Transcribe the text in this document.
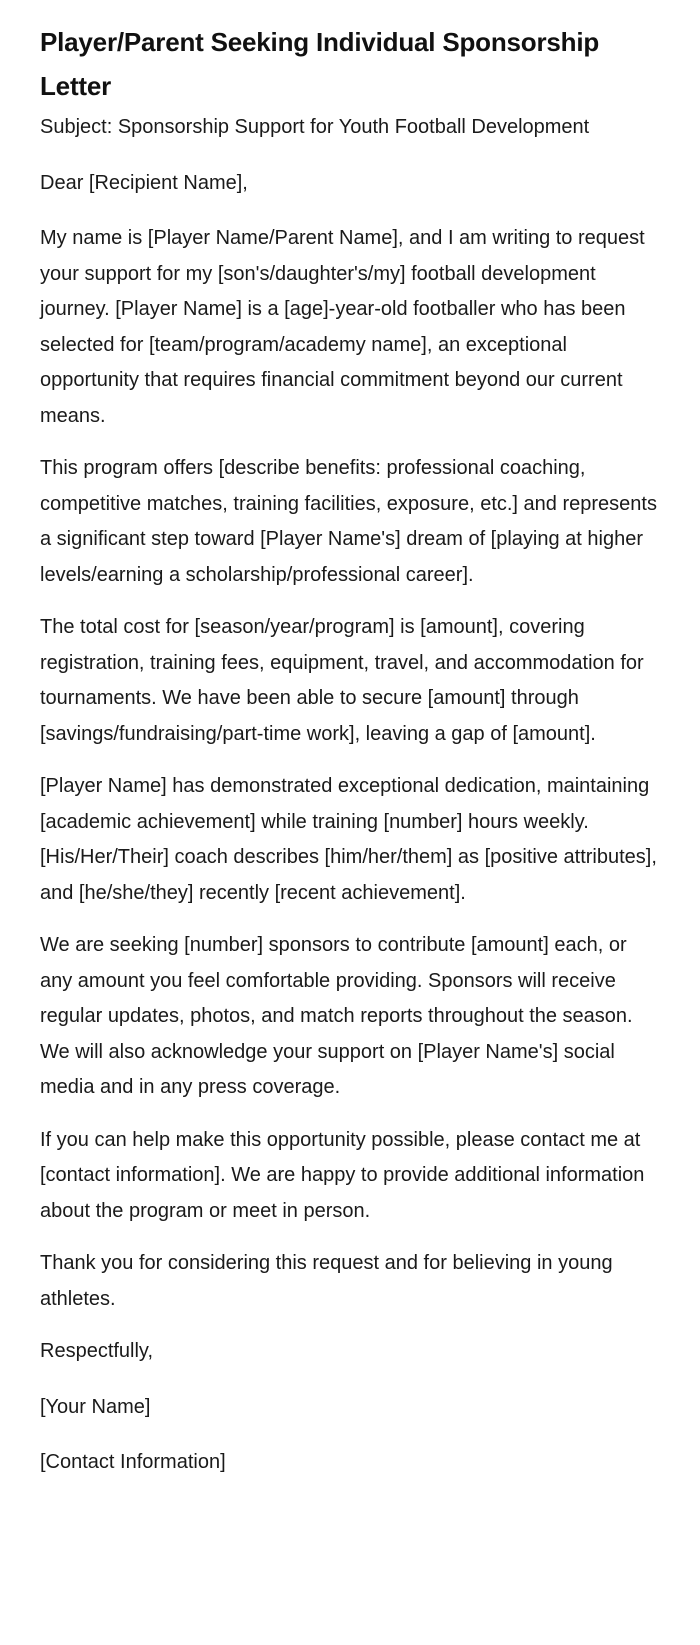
Player/Parent Seeking Individual Sponsorship Letter

Subject: Sponsorship Support for Youth Football Development

Dear [Recipient Name],

My name is [Player Name/Parent Name], and I am writing to request your support for my [son's/daughter's/my] football development journey. [Player Name] is a [age]-year-old footballer who has been selected for [team/program/academy name], an exceptional opportunity that requires financial commitment beyond our current means.

This program offers [describe benefits: professional coaching, competitive matches, training facilities, exposure, etc.] and represents a significant step toward [Player Name's] dream of [playing at higher levels/earning a scholarship/professional career].

The total cost for [season/year/program] is [amount], covering registration, training fees, equipment, travel, and accommodation for tournaments. We have been able to secure [amount] through [savings/fundraising/part-time work], leaving a gap of [amount].

[Player Name] has demonstrated exceptional dedication, maintaining [academic achievement] while training [number] hours weekly. [His/Her/Their] coach describes [him/her/them] as [positive attributes], and [he/she/they] recently [recent achievement].

We are seeking [number] sponsors to contribute [amount] each, or any amount you feel comfortable providing. Sponsors will receive regular updates, photos, and match reports throughout the season. We will also acknowledge your support on [Player Name's] social media and in any press coverage.

If you can help make this opportunity possible, please contact me at [contact information]. We are happy to provide additional information about the program or meet in person.

Thank you for considering this request and for believing in young athletes.

Respectfully,

[Your Name]

[Contact Information]
